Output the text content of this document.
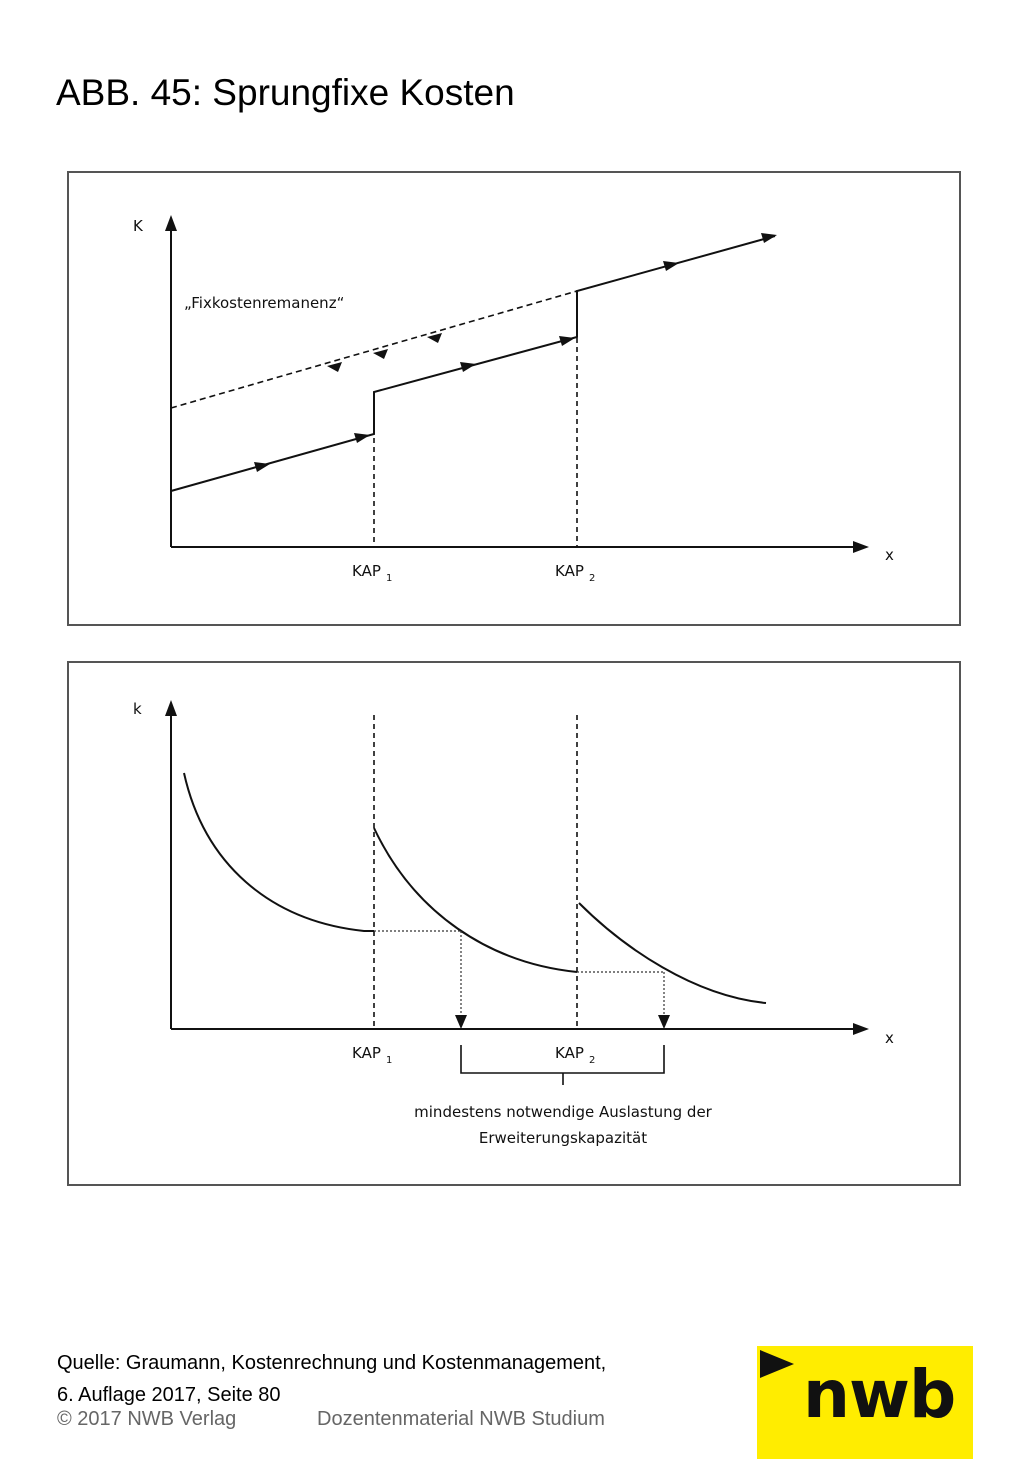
ABB. 45: Sprungfixe Kosten
K
x
„Fixkostenremanenz“
KAP 1	KAP 2
k
x
KAP 1	KAP 2
mindestens notwendige Auslastung der
Erweiterungskapazität
Quelle: Graumann, Kostenrechnung und Kostenmanagement,
6. Auflage 2017, Seite 80
© 2017 NWB Verlag	Dozentenmaterial NWB Studium	nwb
